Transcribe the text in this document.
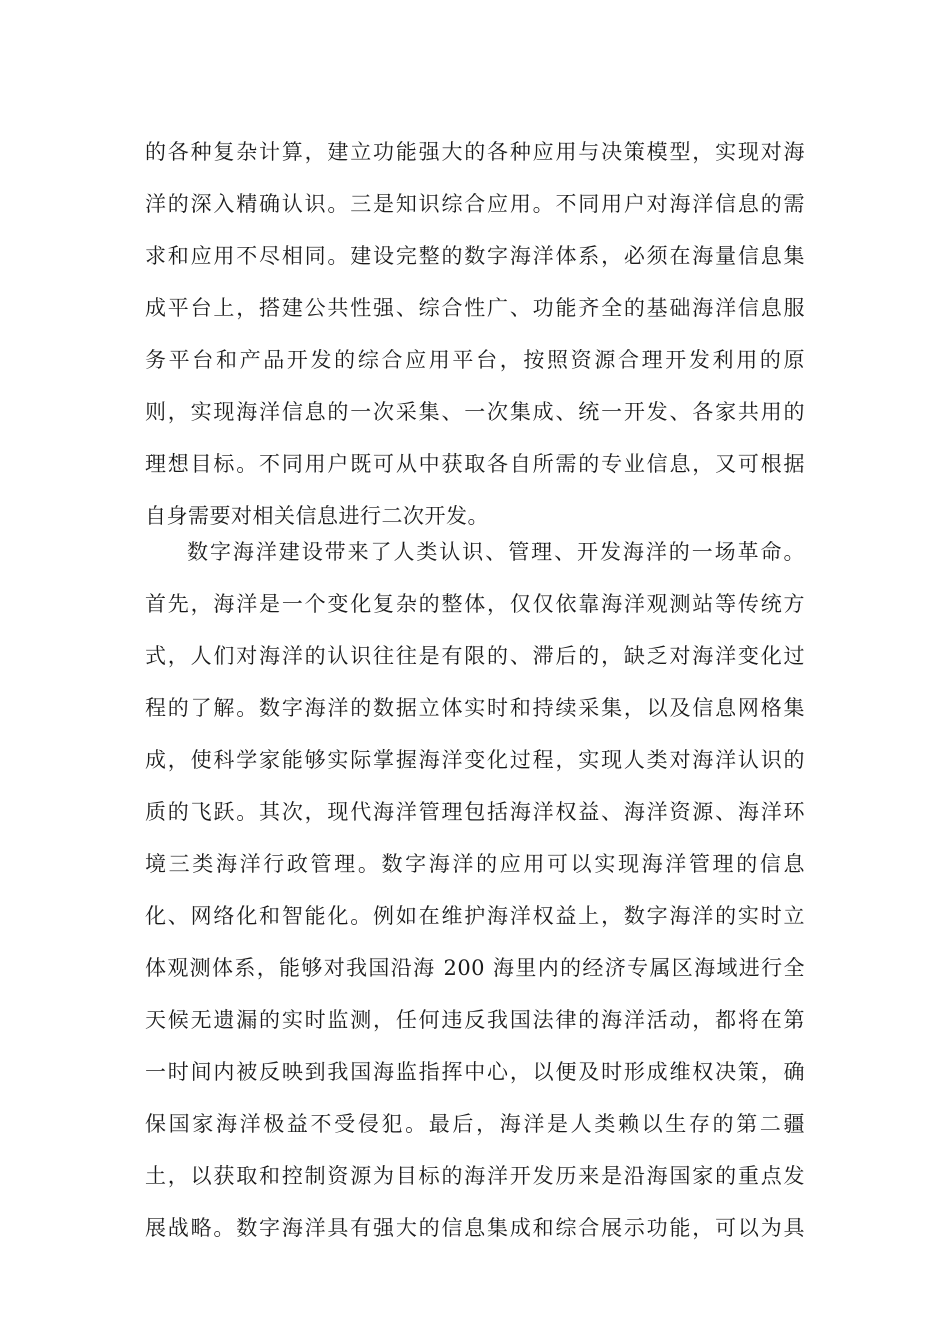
的各种复杂计算，建立功能强大的各种应用与决策模型，实现对海
洋的深入精确认识。三是知识综合应用。不同用户对海洋信息的需
求和应用不尽相同。建设完整的数字海洋体系，必须在海量信息集
成平台上，搭建公共性强、综合性广、功能齐全的基础海洋信息服
务平台和产品开发的综合应用平台，按照资源合理开发利用的原
则，实现海洋信息的一次采集、一次集成、统一开发、各家共用的
理想目标。不同用户既可从中获取各自所需的专业信息，又可根据
自身需要对相关信息进行二次开发。
数字海洋建设带来了人类认识、管理、开发海洋的一场革命。
首先，海洋是一个变化复杂的整体，仅仅依靠海洋观测站等传统方
式，人们对海洋的认识往往是有限的、滞后的，缺乏对海洋变化过
程的了解。数字海洋的数据立体实时和持续采集，以及信息网格集
成，使科学家能够实际掌握海洋变化过程，实现人类对海洋认识的
质的飞跃。其次，现代海洋管理包括海洋权益、海洋资源、海洋环
境三类海洋行政管理。数字海洋的应用可以实现海洋管理的信息
化、网络化和智能化。例如在维护海洋权益上，数字海洋的实时立
体观测体系，能够对我国沿海 200 海里内的经济专属区海域进行全
天候无遗漏的实时监测，任何违反我国法律的海洋活动，都将在第
一时间内被反映到我国海监指挥中心，以便及时形成维权决策，确
保国家海洋极益不受侵犯。最后，海洋是人类赖以生存的第二疆
土，以获取和控制资源为目标的海洋开发历来是沿海国家的重点发
展战略。数字海洋具有强大的信息集成和综合展示功能，可以为具
